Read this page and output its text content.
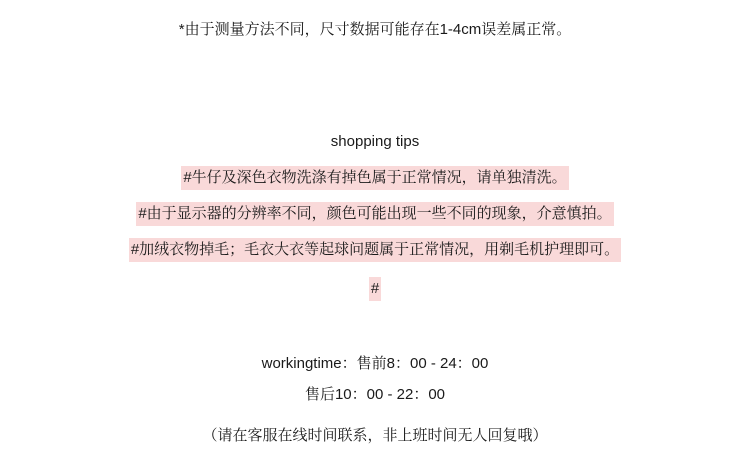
*由于测量方法不同，尺寸数据可能存在1-4cm误差属正常。
shopping tips
#牛仔及深色衣物洗涤有掉色属于正常情况，请单独清洗。
#由于显示器的分辨率不同，颜色可能出现一些不同的现象，介意慎拍。
#加绒衣物掉毛；毛衣大衣等起球问题属于正常情况，用剃毛机护理即可。
#
workingtime：售前8：00 - 24：00
售后10：00 - 22：00
（请在客服在线时间联系，非上班时间无人回复哦）
